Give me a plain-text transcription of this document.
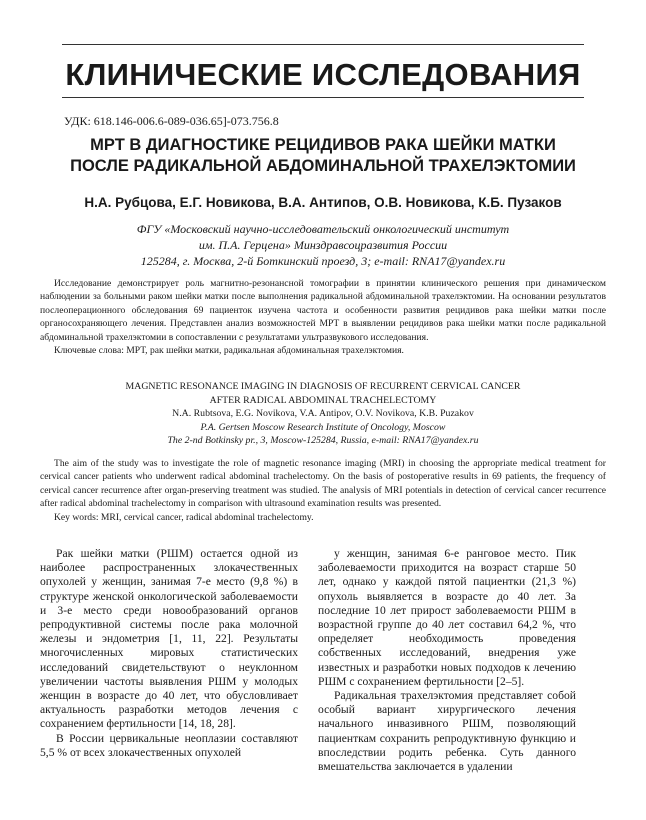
КЛИНИЧЕСКИЕ ИССЛЕДОВАНИЯ
УДК: 618.146-006.6-089-036.65]-073.756.8
МРТ В ДИАГНОСТИКЕ РЕЦИДИВОВ РАКА ШЕЙКИ МАТКИ
ПОСЛЕ РАДИКАЛЬНОЙ АБДОМИНАЛЬНОЙ ТРАХЕЛЭКТОМИИ
Н.А. Рубцова, Е.Г. Новикова, В.А. Антипов, О.В. Новикова, К.Б. Пузаков
ФГУ «Московский научно-исследовательский онкологический институт
им. П.А. Герцена» Минздравсоцразвития России
125284, г. Москва, 2-й Боткинский проезд, 3; e-mail: RNA17@yandex.ru

Исследование демонстрирует роль магнитно-резонансной томографии в принятии клинического решения при динамическом наблюдении за больными раком шейки матки после выполнения радикальной абдоминальной трахелэктомии. На основании результатов послеоперационного обследования 69 пациенток изучена частота и особенности развития рецидивов рака шейки матки после органосохраняющего лечения. Представлен анализ возможностей МРТ в выявлении рецидивов рака шейки матки после радикальной абдоминальной трахелэктомии в сопоставлении с результатами ультразвукового исследования.

Ключевые слова: МРТ, рак шейки матки, радикальная абдоминальная трахелэктомия.

MAGNETIC RESONANCE IMAGING IN DIAGNOSIS OF RECURRENT CERVICAL CANCER
AFTER RADICAL ABDOMINAL TRACHELECTOMY
N.A. Rubtsova, E.G. Novikova, V.A. Antipov, O.V. Novikova, K.B. Puzakov
P.A. Gertsen Moscow Research Institute of Oncology, Moscow
The 2-nd Botkinsky pr., 3, Moscow-125284, Russia, e-mail: RNA17@yandex.ru

The aim of the study was to investigate the role of magnetic resonance imaging (MRI) in choosing the appropriate medical treatment for cervical cancer patients who underwent radical abdominal trachelectomy. On the basis of postoperative results in 69 patients, the frequency of cervical cancer recurrence after organ-preserving treatment was studied. The analysis of MRI potentials in detection of cervical cancer recurrence after radical abdominal trachelectomy in comparison with ultrasound examination results was presented.

Key words: MRI, cervical cancer, radical abdominal trachelectomy.

Рак шейки матки (РШМ) остается одной из наиболее распространенных злокачественных опухолей у женщин, занимая 7-е место (9,8 %) в структуре женской онкологической заболеваемости и 3-е место среди новообразований органов репродуктивной системы после рака молочной железы и эндометрия [1, 11, 22]. Результаты многочисленных мировых статистических исследований свидетельствуют о неуклонном увеличении частоты выявления РШМ у молодых женщин в возрасте до 40 лет, что обусловливает актуальность разработки методов лечения с сохранением фертильности [14, 18, 28].

В России цервикальные неоплазии составляют 5,5 % от всех злокачественных опухолей

у женщин, занимая 6-е ранговое место. Пик заболеваемости приходится на возраст старше 50 лет, однако у каждой пятой пациентки (21,3 %) опухоль выявляется в возрасте до 40 лет. За последние 10 лет прирост заболеваемости РШМ в возрастной группе до 40 лет составил 64,2 %, что определяет необходимость проведения собственных исследований, внедрения уже известных и разработки новых подходов к лечению РШМ с сохранением фертильности [2–5].

Радикальная трахелэктомия представляет собой особый вариант хирургического лечения начального инвазивного РШМ, позволяющий пациенткам сохранить репродуктивную функцию и впоследствии родить ребенка. Суть данного вмешательства заключается в удалении
